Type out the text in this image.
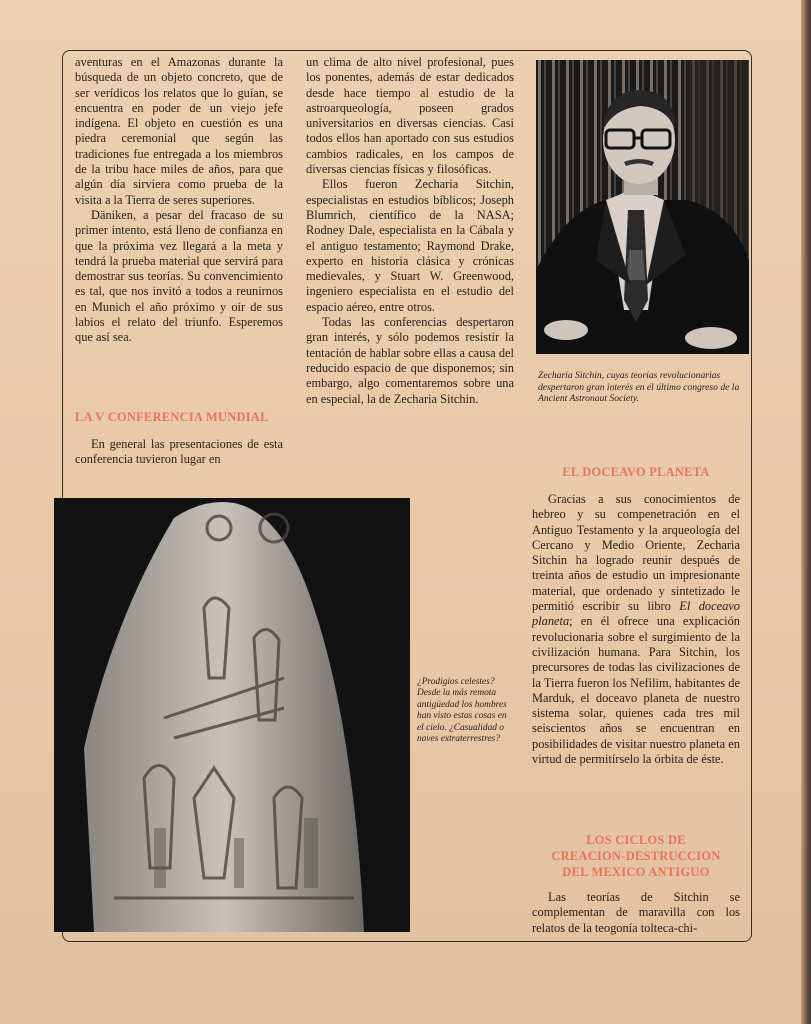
aventuras en el Amazonas durante la búsqueda de un objeto concreto, que de ser verídicos los relatos que lo guían, se encuentra en poder de un viejo jefe indígena. El objeto en cuestión es una piedra ceremonial que según las tradiciones fue entregada a los miembros de la tribu hace miles de años, para que algún día sirviera como prueba de la visita a la Tierra de seres superiores.

Däniken, a pesar del fracaso de su primer intento, está lleno de confianza en que la próxima vez llegará a la meta y tendrá la prueba material que servirá para demostrar sus teorías. Su convencimiento es tal, que nos invitó a todos a reunirnos en Munich el año próximo y oír de sus labios el relato del triunfo. Esperemos que así sea.

LA V CONFERENCIA MUNDIAL

En general las presentaciones de esta conferencia tuvieron lugar en

un clima de alto nivel profesional, pues los ponentes, además de estar dedicados desde hace tiempo al estudio de la astroarqueología, poseen grados universitarios en diversas ciencias. Casi todos ellos han aportado con sus estudios cambios radicales, en los campos de diversas ciencias físicas y filosóficas.

Ellos fueron Zecharia Sitchin, especialistas en estudios bíblicos; Joseph Blumrich, científico de la NASA; Rodney Dale, especialista en la Cábala y el antiguo testamento; Raymond Drake, experto en historia clásica y crónicas medievales, y Stuart W. Greenwood, ingeniero especialista en el estudio del espacio aéreo, entre otros.

Todas las conferencias despertaron gran interés, y sólo podemos resistir la tentación de hablar sobre ellas a causa del reducido espacio de que disponemos; sin embargo, algo comentaremos sobre una en especial, la de Zecharia Sitchin.

Zecharia Sitchin, cuyas teorías revolucionarias despertaron gran interés en él último congreso de la Ancient Astronaut Society.
¿Prodigios celestes? Desde la más remota antigüedad los hombres han visto estas cosas en el cielo. ¿Casualidad o naves extraterrestres?
EL DOCEAVO PLANETA

Gracias a sus conocimientos de hebreo y su compenetración en el Antiguo Testamento y la arqueología del Cercano y Medio Oriente, Zecharia Sitchin ha logrado reunir después de treinta años de estudio un impresionante material, que ordenado y sintetizado le permitió escribir su libro El doceavo planeta; en él ofrece una explicación revolucionaria sobre el surgimiento de la civilización humana. Para Sitchin, los precursores de todas las civilizaciones de la Tierra fueron los Nefilim, habitantes de Marduk, el doceavo planeta de nuestro sistema solar, quienes cada tres mil seiscientos años se encuentran en posibilidades de visitar nuestro planeta en virtud de permitírselo la órbita de éste.

LOS CICLOS DE
CREACION-DESTRUCCION
DEL MEXICO ANTIGUO

Las teorías de Sitchin se complementan de maravilla con los relatos de la teogonía toltecа-chi-
